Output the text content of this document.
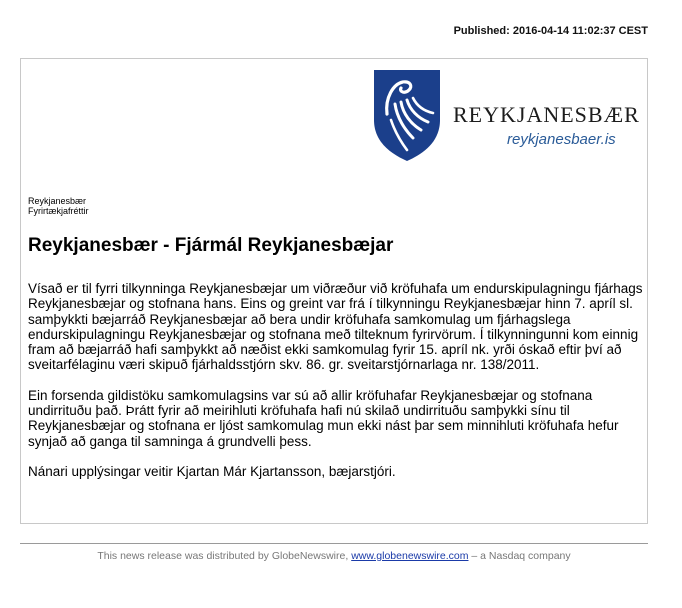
Published: 2016-04-14 11:02:37 CEST
REYKJANESBÆR
reykjanesbaer.is
Reykjanesbær
Fyrirtækjafréttir
Reykjanesbær - Fjármál Reykjanesbæjar

Vísað er til fyrri tilkynninga Reykjanesbæjar um viðræður við kröfuhafa um endurskipulagningu fjárhags Reykjanesbæjar og stofnana hans. Eins og greint var frá í tilkynningu Reykjanesbæjar hinn 7. apríl sl. samþykkti bæjarráð Reykjanesbæjar að bera undir kröfuhafa samkomulag um fjárhagslega endurskipulagningu Reykjanesbæjar og stofnana með tilteknum fyrirvörum. Í tilkynningunni kom einnig fram að bæjarráð hafi samþykkt að næðist ekki samkomulag fyrir 15. apríl nk. yrði óskað eftir því að sveitarfélaginu væri skipuð fjárhaldsstjórn skv. 86. gr. sveitarstjórnarlaga nr. 138/2011.

Ein forsenda gildistöku samkomulagsins var sú að allir kröfuhafar Reykjanesbæjar og stofnana undirrituðu það. Þrátt fyrir að meirihluti kröfuhafa hafi nú skilað undirrituðu samþykki sínu til Reykjanesbæjar og stofnana er ljóst samkomulag mun ekki nást þar sem minnihluti kröfuhafa hefur synjað að ganga til samninga á grundvelli þess.

Nánari upplýsingar veitir Kjartan Már Kjartansson, bæjarstjóri.

This news release was distributed by GlobeNewswire, www.globenewswire.com – a Nasdaq company
